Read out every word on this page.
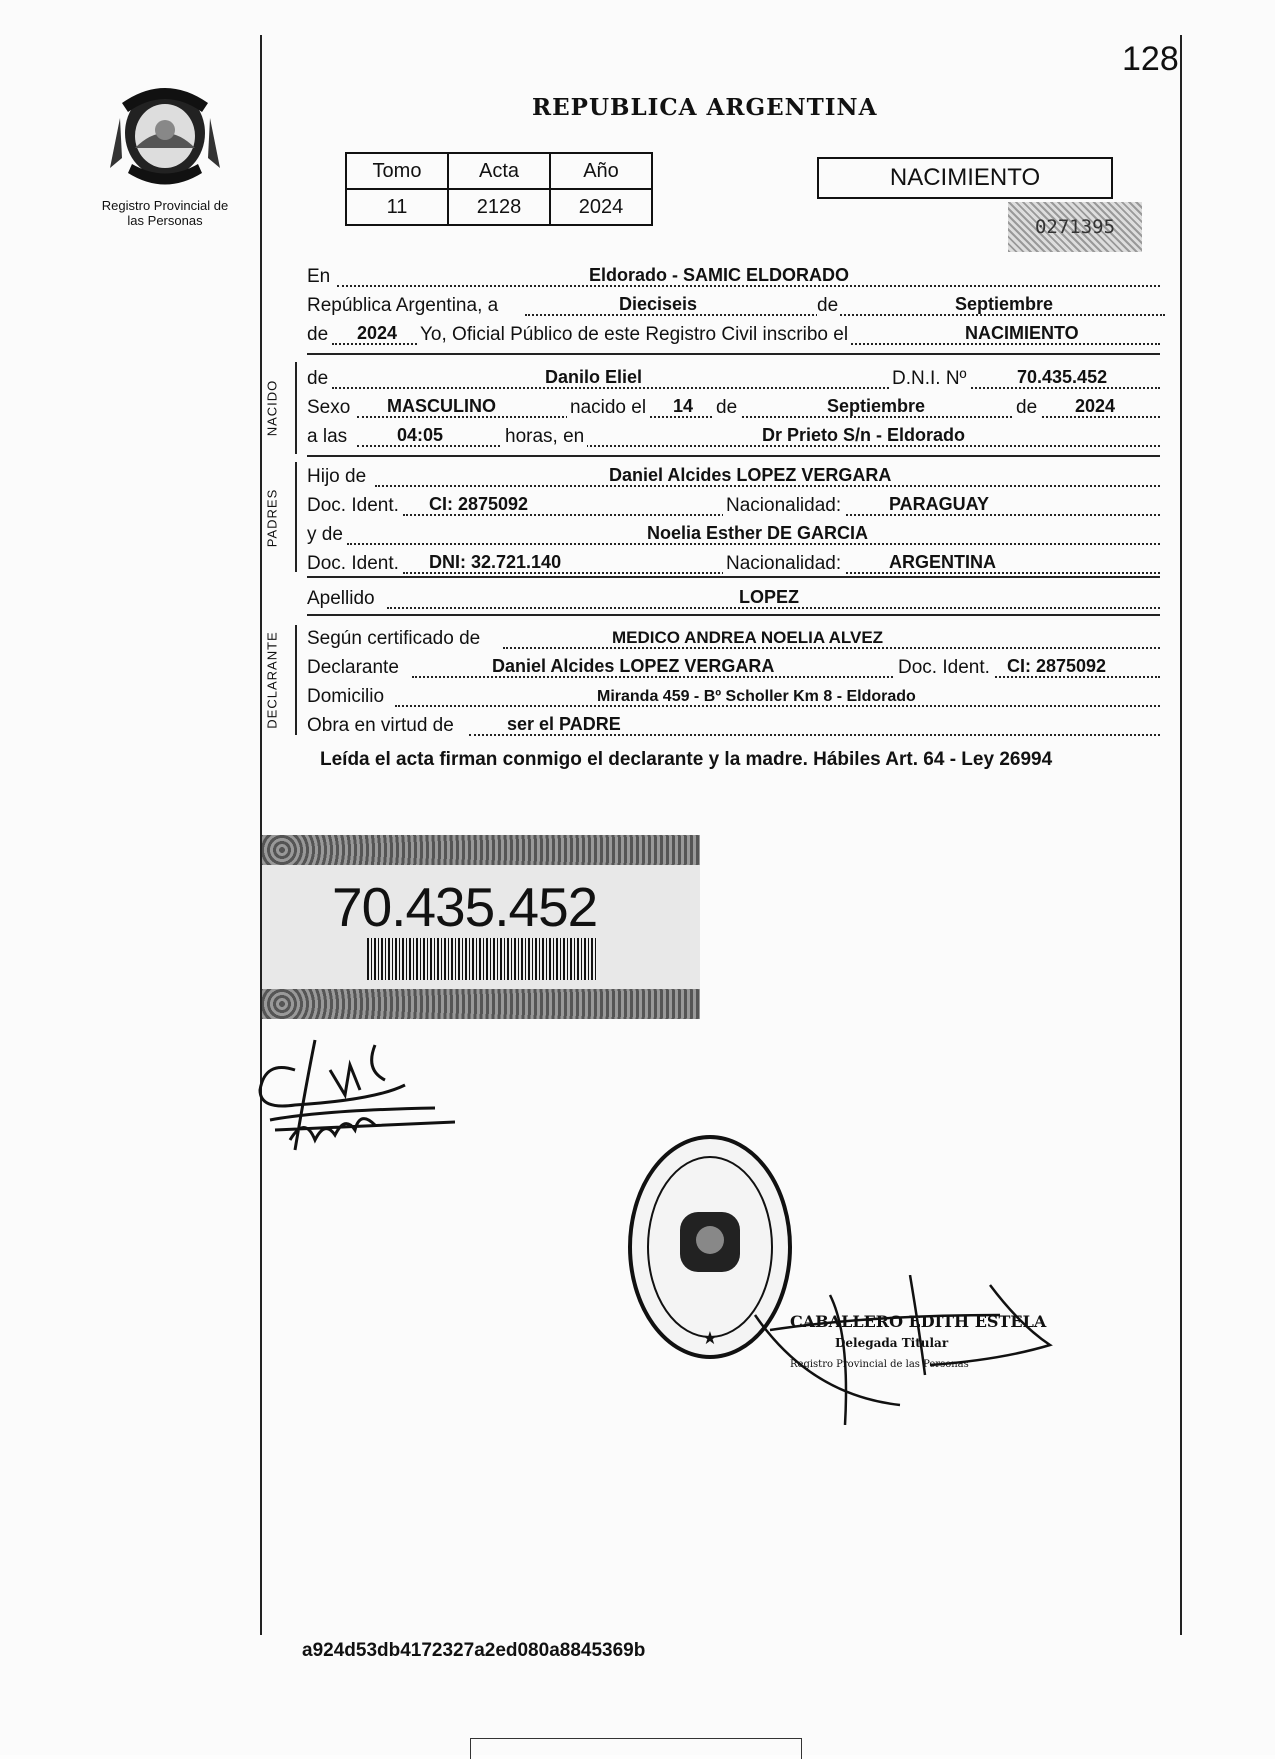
128
REPUBLICA ARGENTINA
Registro Provincial de las Personas
Tomo	Acta	Año
11	2128	2024
NACIMIENTO
0271395
En	Eldorado - SAMIC ELDORADO
República Argentina, a	Dieciseis	de	Septiembre
de 2024 Yo, Oficial Público de este Registro Civil inscribo el	NACIMIENTO
NACIDO
de	Danilo Eliel	D.N.I. Nº	70.435.452
Sexo MASCULINO	nacido el 14 de	Septiembre	de 2024
a las	04:05	horas, en	Dr Prieto S/n - Eldorado
PADRES
Hijo de	Daniel Alcides LOPEZ VERGARA
Doc. Ident. CI: 2875092	Nacionalidad:	PARAGUAY
y de	Noelia Esther DE GARCIA
Doc. Ident. DNI: 32.721.140	Nacionalidad:	ARGENTINA
Apellido	LOPEZ
DECLARANTE Según certificado de	MEDICO ANDREA NOELIA ALVEZ
Declarante	Daniel Alcides LOPEZ VERGARA	Doc. Ident. CI: 2875092
Domicilio	Miranda 459 - Bº Scholler Km 8 - Eldorado
Obra en virtud de	ser el PADRE
Leída el acta firman conmigo el declarante y la madre. Hábiles Art. 64 - Ley 26994
70.435.452
★
CABALLERO EDITH ESTELA
Delegada Titular
Registro Provincial de las Personas
a924d53db4172327a2ed080a8845369b
